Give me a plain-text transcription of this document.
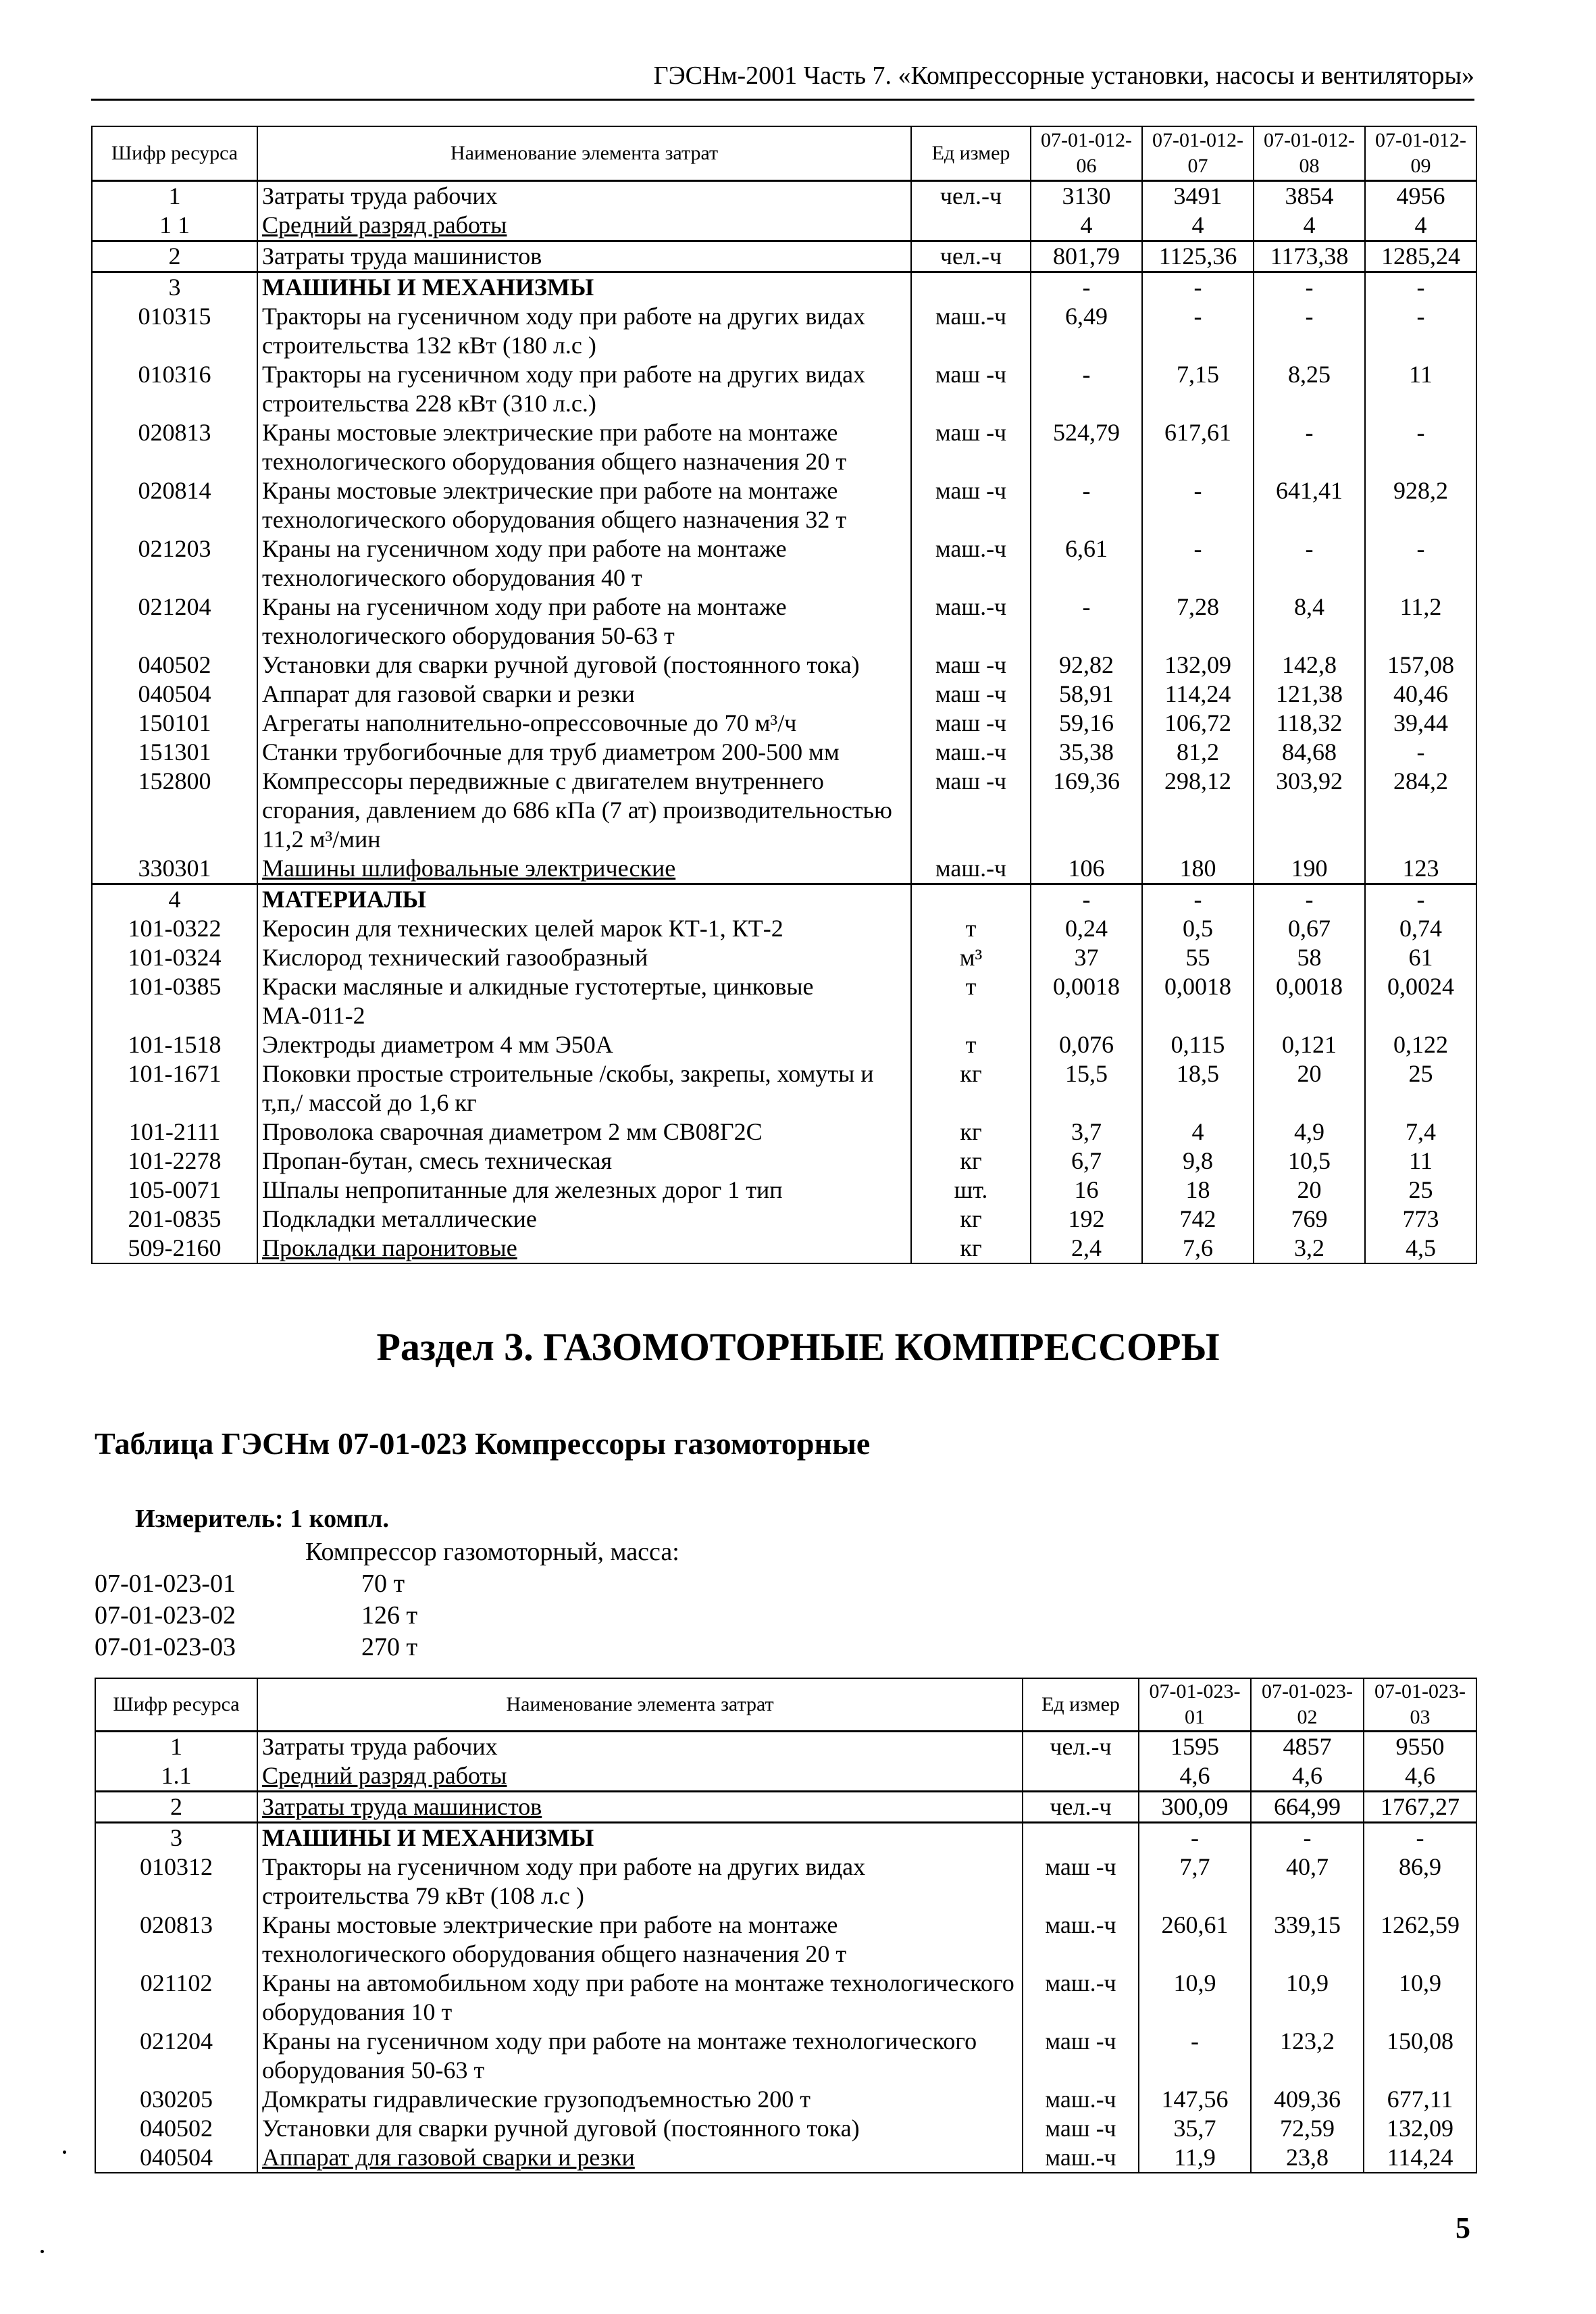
ГЭСНм-2001 Часть 7. «Компрессорные установки, насосы и вентиляторы»
Шифр ресурса	Наименование элемента затрат	Ед измер	07-01-012-06	07-01-012-07	07-01-012-08	07-01-012-09
1	Затраты труда рабочих	чел.-ч	3130	3491	3854	4956
1 1	Средний разряд работы		4	4	4	4
2	Затраты труда машинистов	чел.-ч	801,79	1125,36	1173,38	1285,24
3	МАШИНЫ И МЕХАНИЗМЫ		-	-	-	-
010315	Тракторы на гусеничном ходу при работе на других видах строительства 132 кВт (180 л.с )	маш.-ч	6,49	-	-	-
010316	Тракторы на гусеничном ходу при работе на других видах строительства 228 кВт (310 л.с.)	маш -ч	-	7,15	8,25	11
020813	Краны мостовые электрические при работе на монтаже технологического оборудования общего назначения 20 т	маш -ч	524,79	617,61	-	-
020814	Краны мостовые электрические при работе на монтаже технологического оборудования общего назначения 32 т	маш -ч	-	-	641,41	928,2
021203	Краны на гусеничном ходу при работе на монтаже технологического оборудования 40 т	маш.-ч	6,61	-	-	-
021204	Краны на гусеничном ходу при работе на монтаже технологического оборудования 50-63 т	маш.-ч	-	7,28	8,4	11,2
040502	Установки для сварки ручной дуговой (постоянного тока)	маш -ч	92,82	132,09	142,8	157,08
040504	Аппарат для газовой сварки и резки	маш -ч	58,91	114,24	121,38	40,46
150101	Агрегаты наполнительно-опрессовочные до 70 м³/ч	маш -ч	59,16	106,72	118,32	39,44
151301	Станки трубогибочные для труб диаметром 200-500 мм	маш.-ч	35,38	81,2	84,68	-
152800	Компрессоры передвижные с двигателем внутреннего сгорания, давлением до 686 кПа (7 ат) производительностью 11,2 м³/мин	маш -ч	169,36	298,12	303,92	284,2
330301	Машины шлифовальные электрические	маш.-ч	106	180	190	123
4	МАТЕРИАЛЫ		-	-	-	-
101-0322	Керосин для технических целей марок КТ-1, КТ-2	т	0,24	0,5	0,67	0,74
101-0324	Кислород технический газообразный	м³	37	55	58	61
101-0385	Краски масляные и алкидные густотертые, цинковые МА-011-2	т	0,0018	0,0018	0,0018	0,0024
101-1518	Электроды диаметром 4 мм Э50А	т	0,076	0,115	0,121	0,122
101-1671	Поковки простые строительные /скобы, закрепы, хомуты и т,п,/ массой до 1,6 кг	кг	15,5	18,5	20	25
101-2111	Проволока сварочная диаметром 2 мм СВ08Г2С	кг	3,7	4	4,9	7,4
101-2278	Пропан-бутан, смесь техническая	кг	6,7	9,8	10,5	11
105-0071	Шпалы непропитанные для железных дорог 1 тип	шт.	16	18	20	25
201-0835	Подкладки металлические	кг	192	742	769	773
509-2160	Прокладки паронитовые	кг	2,4	7,6	3,2	4,5
Раздел 3. ГАЗОМОТОРНЫЕ КОМПРЕССОРЫ
Таблица ГЭСНм 07-01-023 Компрессоры газомоторные
Измеритель: 1 компл.
Компрессор газомоторный, масса:
07-01-023-01	70 т
07-01-023-02	126 т
07-01-023-03	270 т
Шифр ресурса	Наименование элемента затрат	Ед измер	07-01-023-01	07-01-023-02	07-01-023-03
1	Затраты труда рабочих	чел.-ч	1595	4857	9550
1.1	Средний разряд работы		4,6	4,6	4,6
2	Затраты труда машинистов	чел.-ч	300,09	664,99	1767,27
3	МАШИНЫ И МЕХАНИЗМЫ		-	-	-
010312	Тракторы на гусеничном ходу при работе на других видах строительства 79 кВт (108 л.с )	маш -ч	7,7	40,7	86,9
020813	Краны мостовые электрические при работе на монтаже технологического оборудования общего назначения 20 т	маш.-ч	260,61	339,15	1262,59
021102	Краны на автомобильном ходу при работе на монтаже технологического оборудования 10 т	маш.-ч	10,9	10,9	10,9
021204	Краны на гусеничном ходу при работе на монтаже технологического оборудования 50-63 т	маш -ч	-	123,2	150,08
030205	Домкраты гидравлические грузоподъемностью 200 т	маш.-ч	147,56	409,36	677,11
040502	Установки для сварки ручной дуговой (постоянного тока)	маш -ч	35,7	72,59	132,09
040504	Аппарат для газовой сварки и резки	маш.-ч	11,9	23,8	114,24
5
